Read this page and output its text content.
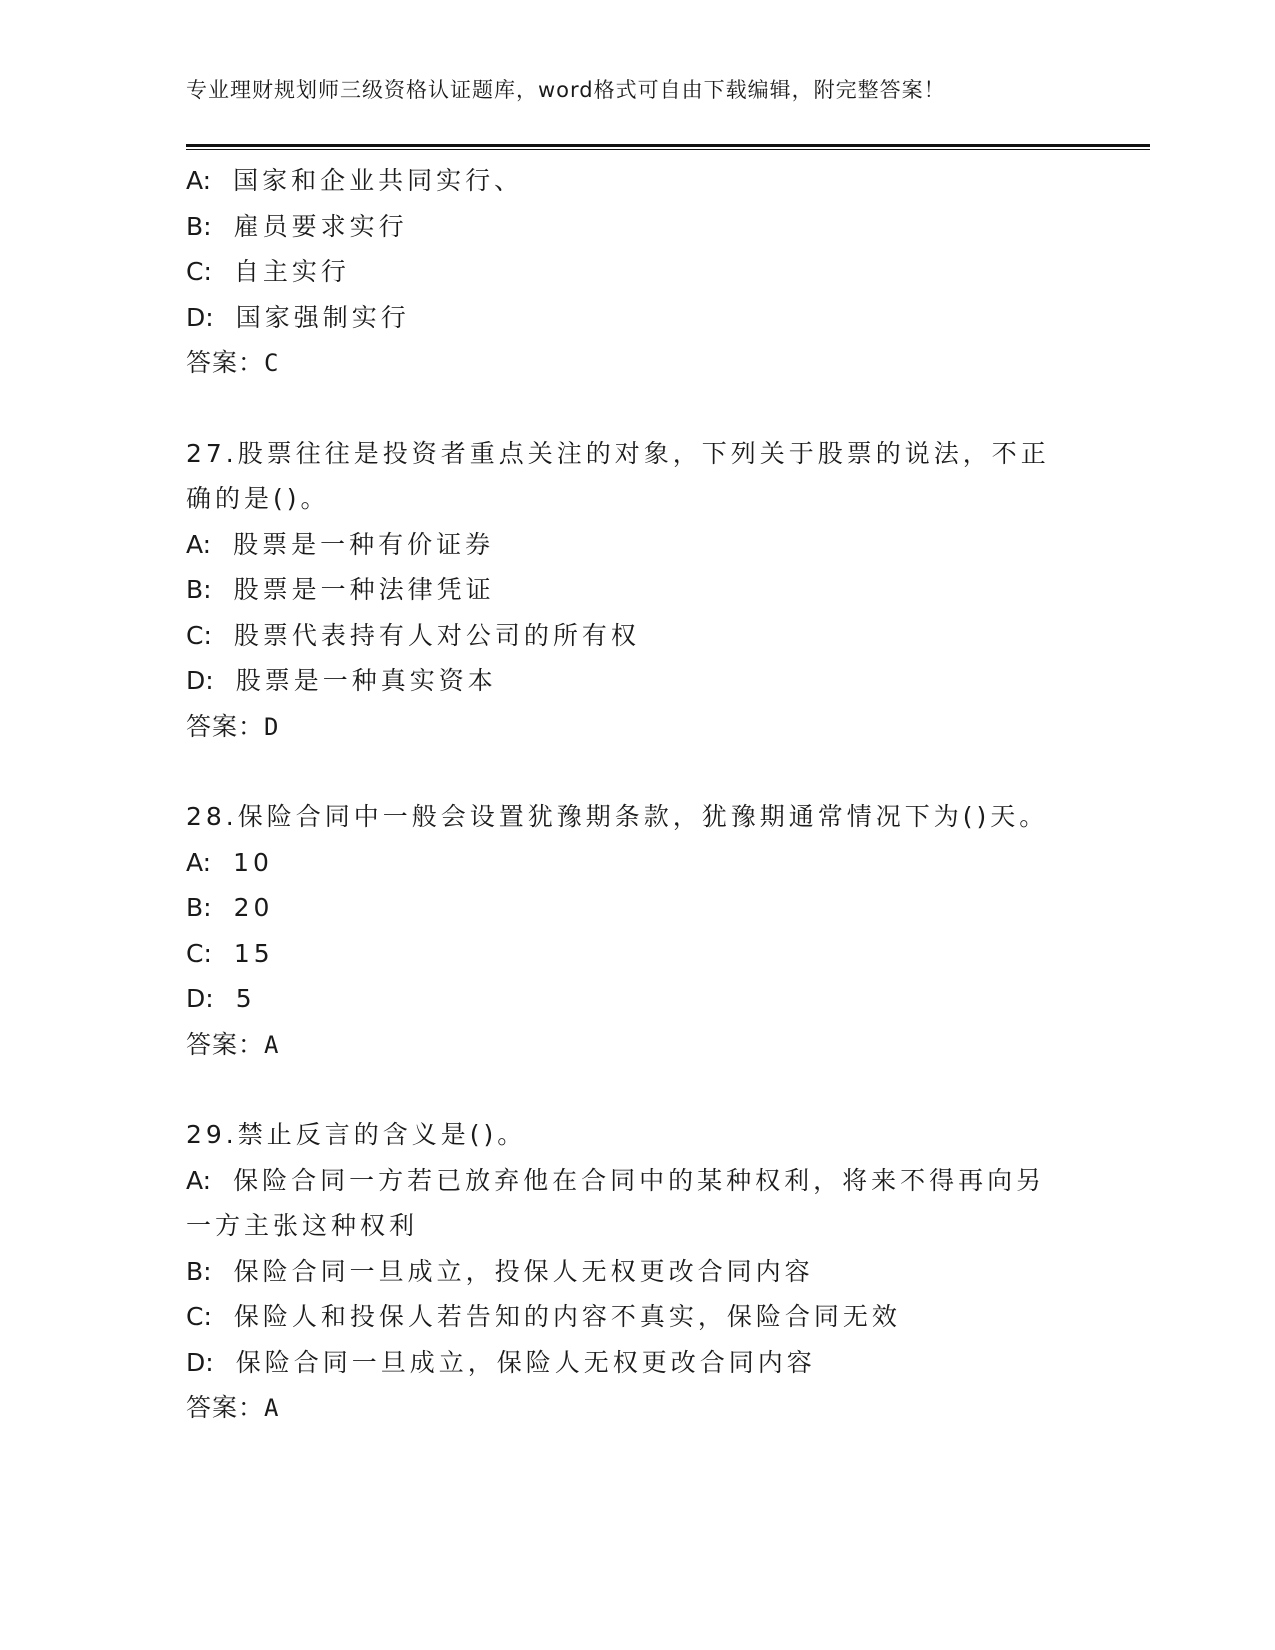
专业理财规划师三级资格认证题库，word格式可自由下载编辑，附完整答案！
A: 国家和企业共同实行、
B: 雇员要求实行
C: 自主实行
D: 国家强制实行
答案：C
27.股票往往是投资者重点关注的对象，下列关于股票的说法，不正确的是()。
A: 股票是一种有价证券
B: 股票是一种法律凭证
C: 股票代表持有人对公司的所有权
D: 股票是一种真实资本
答案：D
28.保险合同中一般会设置犹豫期条款，犹豫期通常情况下为()天。
A: 10
B: 20
C: 15
D: 5
答案：A
29.禁止反言的含义是()。
A: 保险合同一方若已放弃他在合同中的某种权利，将来不得再向另一方主张这种权利
B: 保险合同一旦成立，投保人无权更改合同内容
C: 保险人和投保人若告知的内容不真实，保险合同无效
D: 保险合同一旦成立，保险人无权更改合同内容
答案：A
